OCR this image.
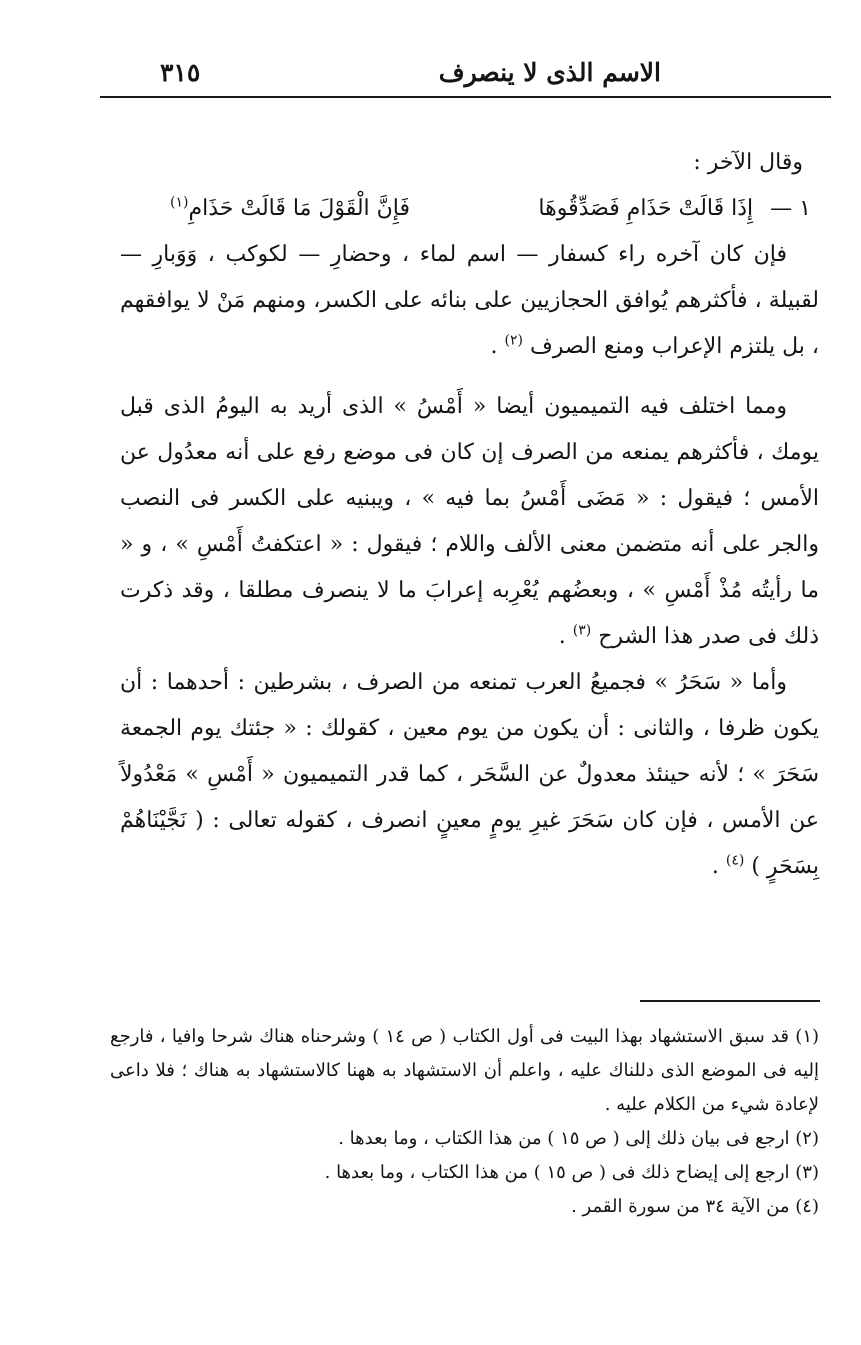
الاسم الذى لا ينصرف
٣١٥

وقال الآخر :

١ — إِذَا قَالَتْ حَذَامِ فَصَدِّقُوهَا
فَإِنَّ الْقَوْلَ مَا قَالَتْ حَذَامِ$^{(١)}$

فإن كان آخره راء كسفار — اسم لماء ، وحضارِ — لكوكب ، وَوَبارِ — لقبيلة ، فأكثرهم يُوافق الحجازيين على بنائه على الكسر، ومنهم مَنْ لا يوافقهم ، بل يلتزم الإعراب ومنع الصرف $^{(٢)}$ .

ومما اختلف فيه التميميون أيضا « أَمْسُ » الذى أريد به اليومُ الذى قبل يومك ، فأكثرهم يمنعه من الصرف إن كان فى موضع رفع على أنه معدُول عن الأمس ؛ فيقول : « مَضَى أَمْسُ بما فيه » ، ويبنيه على الكسر فى النصب والجر على أنه متضمن معنى الألف واللام ؛ فيقول : « اعتكفتُ أَمْسِ » ، و « ما رأيتُه مُذْ أَمْسِ » ، وبعضُهم يُعْرِبه إعرابَ ما لا ينصرف مطلقا ، وقد ذكرت ذلك فى صدر هذا الشرح $^{(٣)}$ .

وأما « سَحَرُ » فجميعُ العرب تمنعه من الصرف ، بشرطين : أحدهما : أن يكون ظرفا ، والثانى : أن يكون من يوم معين ، كقولك : « جئتك يوم الجمعة سَحَرَ » ؛ لأنه حينئذ معدولٌ عن السَّحَر ، كما قدر التميميون « أَمْسِ » مَعْدُولاً عن الأمس ، فإن كان سَحَرَ غيرِ يومٍ معينٍ انصرف ، كقوله تعالى : ( نَجَّيْنَاهُمْ بِسَحَرٍ ) $^{(٤)}$ .

(١) قد سبق الاستشهاد بهذا البيت فى أول الكتاب ( ص ١٤ ) وشرحناه هناك شرحا وافيا ، فارجع إليه فى الموضع الذى دللناك عليه ، واعلم أن الاستشهاد به ههنا كالاستشهاد به هناك ؛ فلا داعى لإعادة شيء من الكلام عليه .

(٢) ارجع فى بيان ذلك إلى ( ص ١٥ ) من هذا الكتاب ، وما بعدها .

(٣) ارجع إلى إيضاح ذلك فى ( ص ١٥ ) من هذا الكتاب ، وما بعدها .

(٤) من الآية ٣٤ من سورة القمر .
